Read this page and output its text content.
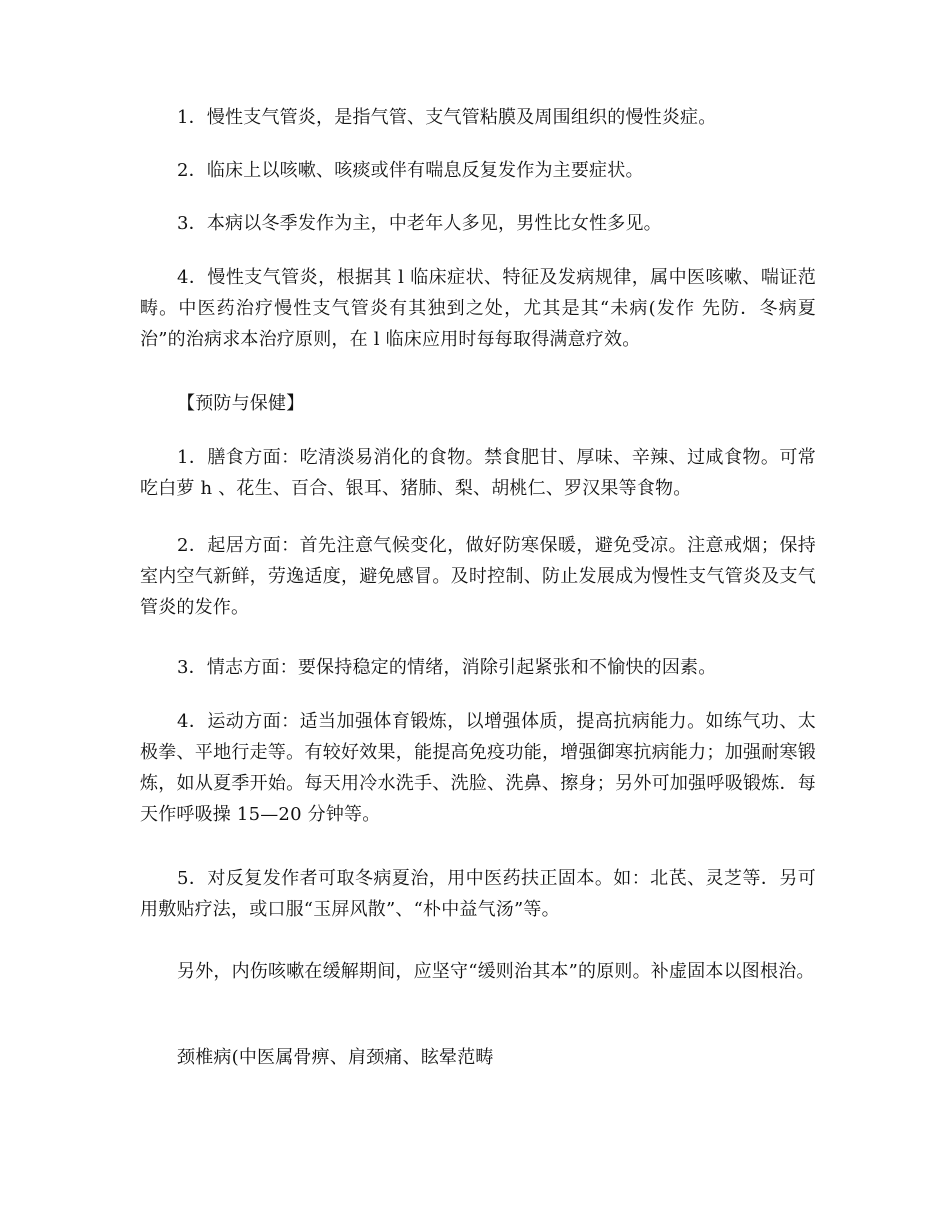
1．慢性支气管炎，是指气管、支气管粘膜及周围组织的慢性炎症。

2．临床上以咳嗽、咳痰或伴有喘息反复发作为主要症状。

3．本病以冬季发作为主，中老年人多见，男性比女性多见。

4．慢性支气管炎，根据其 l 临床症状、特征及发病规律，属中医咳嗽、喘证范畴。中医药治疗慢性支气管炎有其独到之处，尤其是其“未病(发作 先防．冬病夏治”的治病求本治疗原则，在 l 临床应用时每每取得满意疗效。

【预防与保健】

1．膳食方面：吃清淡易消化的食物。禁食肥甘、厚味、辛辣、过咸食物。可常吃白萝 h 、花生、百合、银耳、猪肺、梨、胡桃仁、罗汉果等食物。

2．起居方面：首先注意气候变化，做好防寒保暖，避免受凉。注意戒烟；保持室内空气新鲜，劳逸适度，避免感冒。及时控制、防止发展成为慢性支气管炎及支气管炎的发作。

3．情志方面：要保持稳定的情绪，消除引起紧张和不愉快的因素。

4．运动方面：适当加强体育锻炼，以增强体质，提高抗病能力。如练气功、太极拳、平地行走等。有较好效果，能提高免疫功能，增强御寒抗病能力；加强耐寒锻炼，如从夏季开始。每天用冷水洗手、洗脸、洗鼻、擦身；另外可加强呼吸锻炼．每天作呼吸操 15—20 分钟等。

5．对反复发作者可取冬病夏治，用中医药扶正固本。如：北芪、灵芝等．另可用敷贴疗法，或口服“玉屏风散”、“朴中益气汤”等。

另外，内伤咳嗽在缓解期间，应坚守“缓则治其本”的原则。补虚固本以图根治。

颈椎病(中医属骨痹、肩颈痛、眩晕范畴
